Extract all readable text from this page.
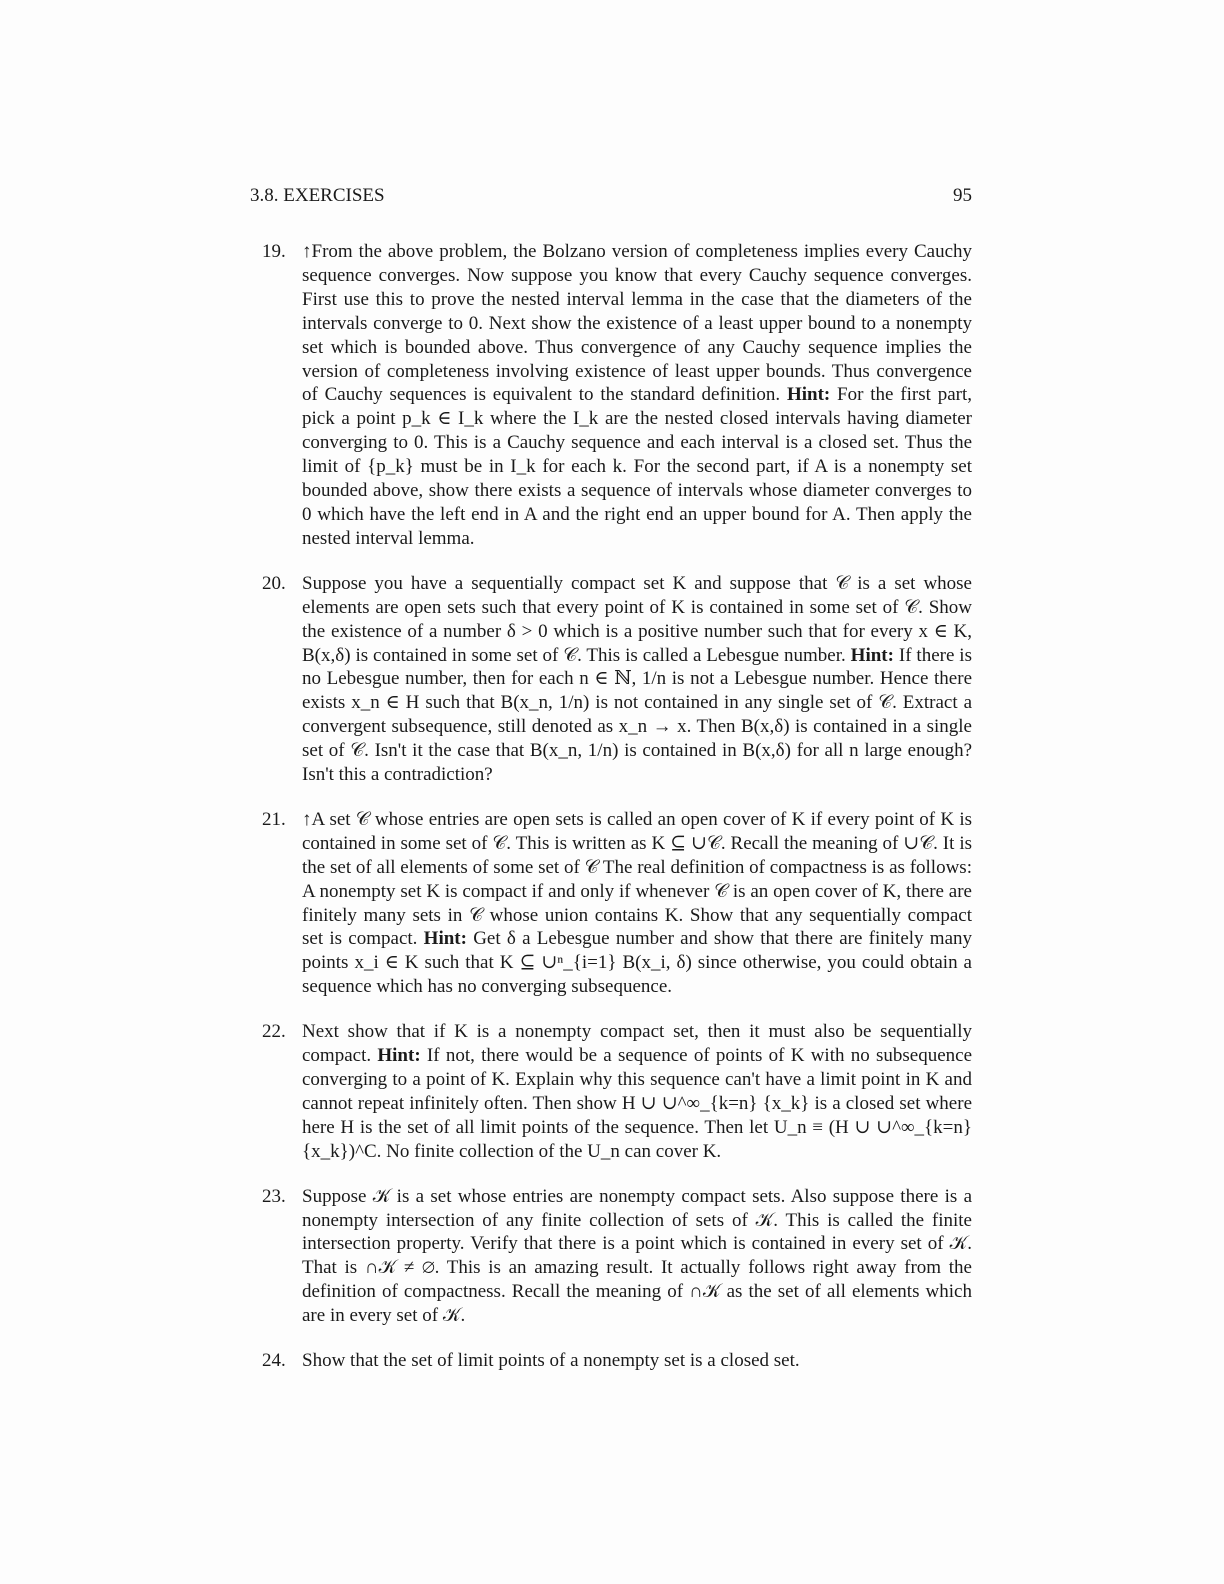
3.8. EXERCISES	95
19. ↑From the above problem, the Bolzano version of completeness implies every Cauchy sequence converges. Now suppose you know that every Cauchy sequence converges. First use this to prove the nested interval lemma in the case that the diameters of the intervals converge to 0. Next show the existence of a least upper bound to a nonempty set which is bounded above. Thus convergence of any Cauchy sequence implies the version of completeness involving existence of least upper bounds. Thus convergence of Cauchy sequences is equivalent to the standard definition. Hint: For the first part, pick a point p_k ∈ I_k where the I_k are the nested closed intervals having diameter converging to 0. This is a Cauchy sequence and each interval is a closed set. Thus the limit of {p_k} must be in I_k for each k. For the second part, if A is a nonempty set bounded above, show there exists a sequence of intervals whose diameter converges to 0 which have the left end in A and the right end an upper bound for A. Then apply the nested interval lemma.
20. Suppose you have a sequentially compact set K and suppose that 𝒞 is a set whose elements are open sets such that every point of K is contained in some set of 𝒞. Show the existence of a number δ > 0 which is a positive number such that for every x ∈ K, B(x,δ) is contained in some set of 𝒞. This is called a Lebesgue number. Hint: If there is no Lebesgue number, then for each n ∈ ℕ, 1/n is not a Lebesgue number. Hence there exists x_n ∈ H such that B(x_n, 1/n) is not contained in any single set of 𝒞. Extract a convergent subsequence, still denoted as x_n → x. Then B(x,δ) is contained in a single set of 𝒞. Isn't it the case that B(x_n, 1/n) is contained in B(x,δ) for all n large enough? Isn't this a contradiction?
21. ↑A set 𝒞 whose entries are open sets is called an open cover of K if every point of K is contained in some set of 𝒞. This is written as K ⊆ ∪𝒞. Recall the meaning of ∪𝒞. It is the set of all elements of some set of 𝒞 The real definition of compactness is as follows: A nonempty set K is compact if and only if whenever 𝒞 is an open cover of K, there are finitely many sets in 𝒞 whose union contains K. Show that any sequentially compact set is compact. Hint: Get δ a Lebesgue number and show that there are finitely many points x_i ∈ K such that K ⊆ ∪ⁿ_{i=1} B(x_i, δ) since otherwise, you could obtain a sequence which has no converging subsequence.
22. Next show that if K is a nonempty compact set, then it must also be sequentially compact. Hint: If not, there would be a sequence of points of K with no subsequence converging to a point of K. Explain why this sequence can't have a limit point in K and cannot repeat infinitely often. Then show H ∪ ∪^∞_{k=n} {x_k} is a closed set where here H is the set of all limit points of the sequence. Then let U_n ≡ (H ∪ ∪^∞_{k=n} {x_k})^C. No finite collection of the U_n can cover K.
23. Suppose 𝒦 is a set whose entries are nonempty compact sets. Also suppose there is a nonempty intersection of any finite collection of sets of 𝒦. This is called the finite intersection property. Verify that there is a point which is contained in every set of 𝒦. That is ∩𝒦 ≠ ∅. This is an amazing result. It actually follows right away from the definition of compactness. Recall the meaning of ∩𝒦 as the set of all elements which are in every set of 𝒦.
24. Show that the set of limit points of a nonempty set is a closed set.
